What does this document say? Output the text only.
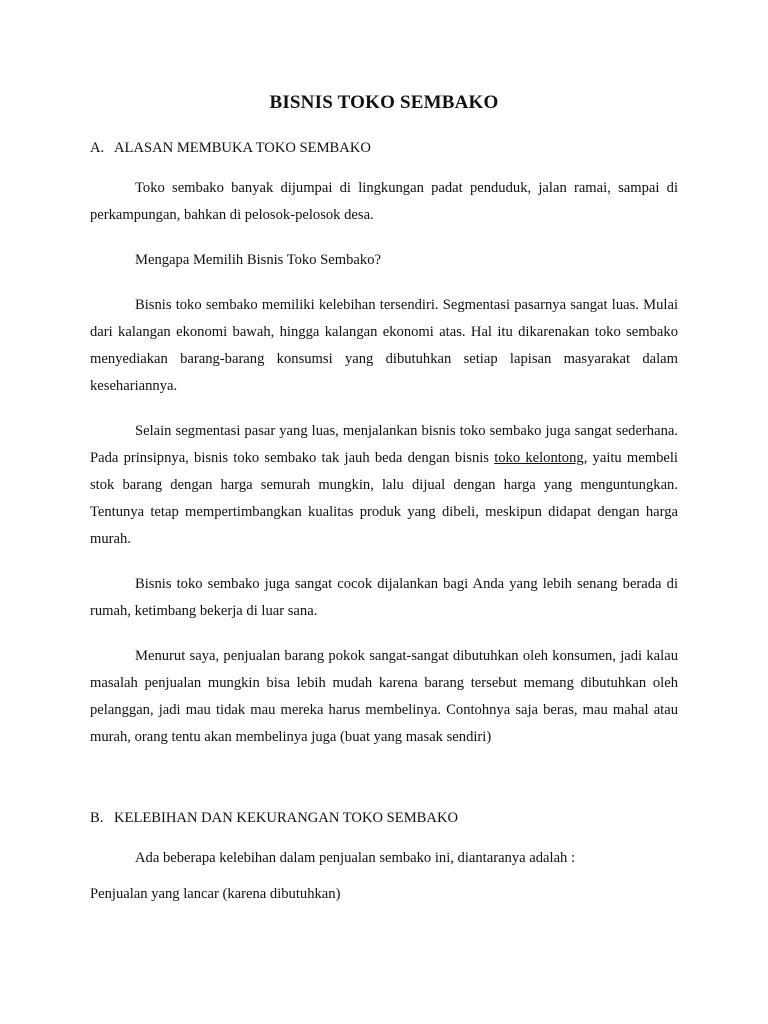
BISNIS TOKO SEMBAKO
A. ALASAN MEMBUKA TOKO SEMBAKO

Toko sembako banyak dijumpai di lingkungan padat penduduk, jalan ramai, sampai di perkampungan, bahkan di pelosok-pelosok desa.

Mengapa Memilih Bisnis Toko Sembako?

Bisnis toko sembako memiliki kelebihan tersendiri. Segmentasi pasarnya sangat luas. Mulai dari kalangan ekonomi bawah, hingga kalangan ekonomi atas. Hal itu dikarenakan toko sembako menyediakan barang-barang konsumsi yang dibutuhkan setiap lapisan masyarakat dalam kesehariannya.

Selain segmentasi pasar yang luas, menjalankan bisnis toko sembako juga sangat sederhana. Pada prinsipnya, bisnis toko sembako tak jauh beda dengan bisnis toko kelontong, yaitu membeli stok barang dengan harga semurah mungkin, lalu dijual dengan harga yang menguntungkan. Tentunya tetap mempertimbangkan kualitas produk yang dibeli, meskipun didapat dengan harga murah.

Bisnis toko sembako juga sangat cocok dijalankan bagi Anda yang lebih senang berada di rumah, ketimbang bekerja di luar sana.

Menurut saya, penjualan barang pokok sangat-sangat dibutuhkan oleh konsumen, jadi kalau masalah penjualan mungkin bisa lebih mudah karena barang tersebut memang dibutuhkan oleh pelanggan, jadi mau tidak mau mereka harus membelinya. Contohnya saja beras, mau mahal atau murah, orang tentu akan membelinya juga (buat yang masak sendiri)

B. KELEBIHAN DAN KEKURANGAN TOKO SEMBAKO

Ada beberapa kelebihan dalam penjualan sembako ini, diantaranya adalah :

Penjualan yang lancar (karena dibutuhkan)
